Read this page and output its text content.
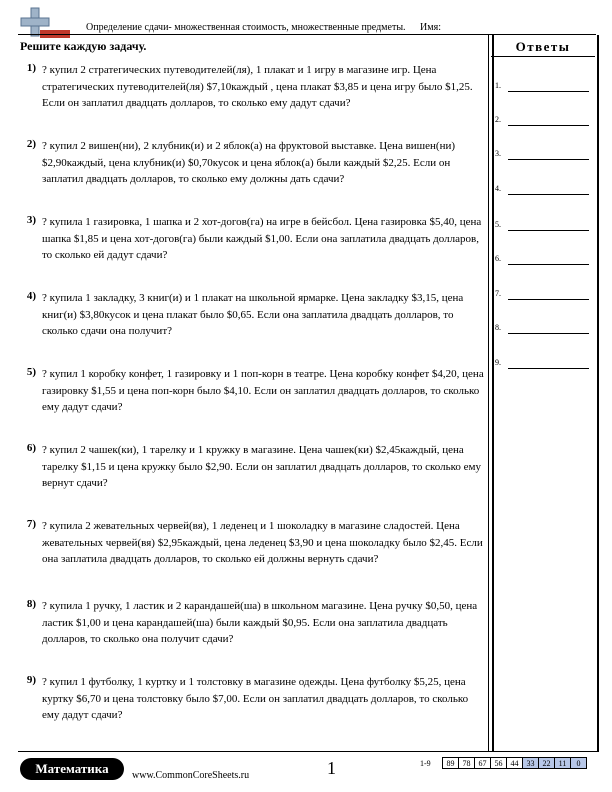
Определение сдачи- множественная стоимость, множественные предметы. Имя:
Решите каждую задачу.
1) ? купил 2 стратегических путеводителей(ля), 1 плакат и 1 игру в магазине игр. Цена стратегических путеводителей(ля) $7,10каждый , цена плакат $3,85 и цена игру было $1,25. Если он заплатил двадцать долларов, то сколько ему дадут сдачи?
2) ? купил 2 вишен(ни), 2 клубник(и) и 2 яблок(а) на фруктовой выставке. Цена вишен(ни) $2,90каждый, цена клубник(и) $0,70кусок и цена яблок(а) были каждый $2,25. Если он заплатил двадцать долларов, то сколько ему должны дать сдачи?
3) ? купила 1 газировка, 1 шапка и 2 хот-догов(га) на игре в бейсбол. Цена газировка $5,40, цена шапка $1,85 и цена хот-догов(га) были каждый $1,00. Если она заплатила двадцать долларов, то сколько ей дадут сдачи?
4) ? купила 1 закладку, 3 книг(и) и 1 плакат на школьной ярмарке. Цена закладку $3,15, цена книг(и) $3,80кусок и цена плакат было $0,65. Если она заплатила двадцать долларов, то сколько сдачи она получит?
5) ? купил 1 коробку конфет, 1 газировку и 1 поп-корн в театре. Цена коробку конфет $4,20, цена газировку $1,55 и цена поп-корн было $4,10. Если он заплатил двадцать долларов, то сколько ему дадут сдачи?
6) ? купил 2 чашек(ки), 1 тарелку и 1 кружку в магазине. Цена чашек(ки) $2,45каждый, цена тарелку $1,15 и цена кружку было $2,90. Если он заплатил двадцать долларов, то сколько ему вернут сдачи?
7) ? купила 2 жевательных червей(вя), 1 леденец и 1 шоколадку в магазине сладостей. Цена жевательных червей(вя) $2,95каждый, цена леденец $3,90 и цена шоколадку было $2,45. Если она заплатила двадцать долларов, то сколько ей должны вернуть сдачи?
8) ? купила 1 ручку, 1 ластик и 2 карандашей(ша) в школьном магазине. Цена ручку $0,50, цена ластик $1,00 и цена карандашей(ша) были каждый $0,95. Если она заплатила двадцать долларов, то сколько она получит сдачи?
9) ? купил 1 футболку, 1 куртку и 1 толстовку в магазине одежды. Цена футболку $5,25, цена куртку $6,70 и цена толстовку было $7,00. Если он заплатил двадцать долларов, то сколько ему дадут сдачи?
Ответы
1.
2.
3.
4.
5.
6.
7.
8.
9.
Математика	www.CommonCoreSheets.ru	1	1-9 89	78	67	56	44	33	22	11	0
